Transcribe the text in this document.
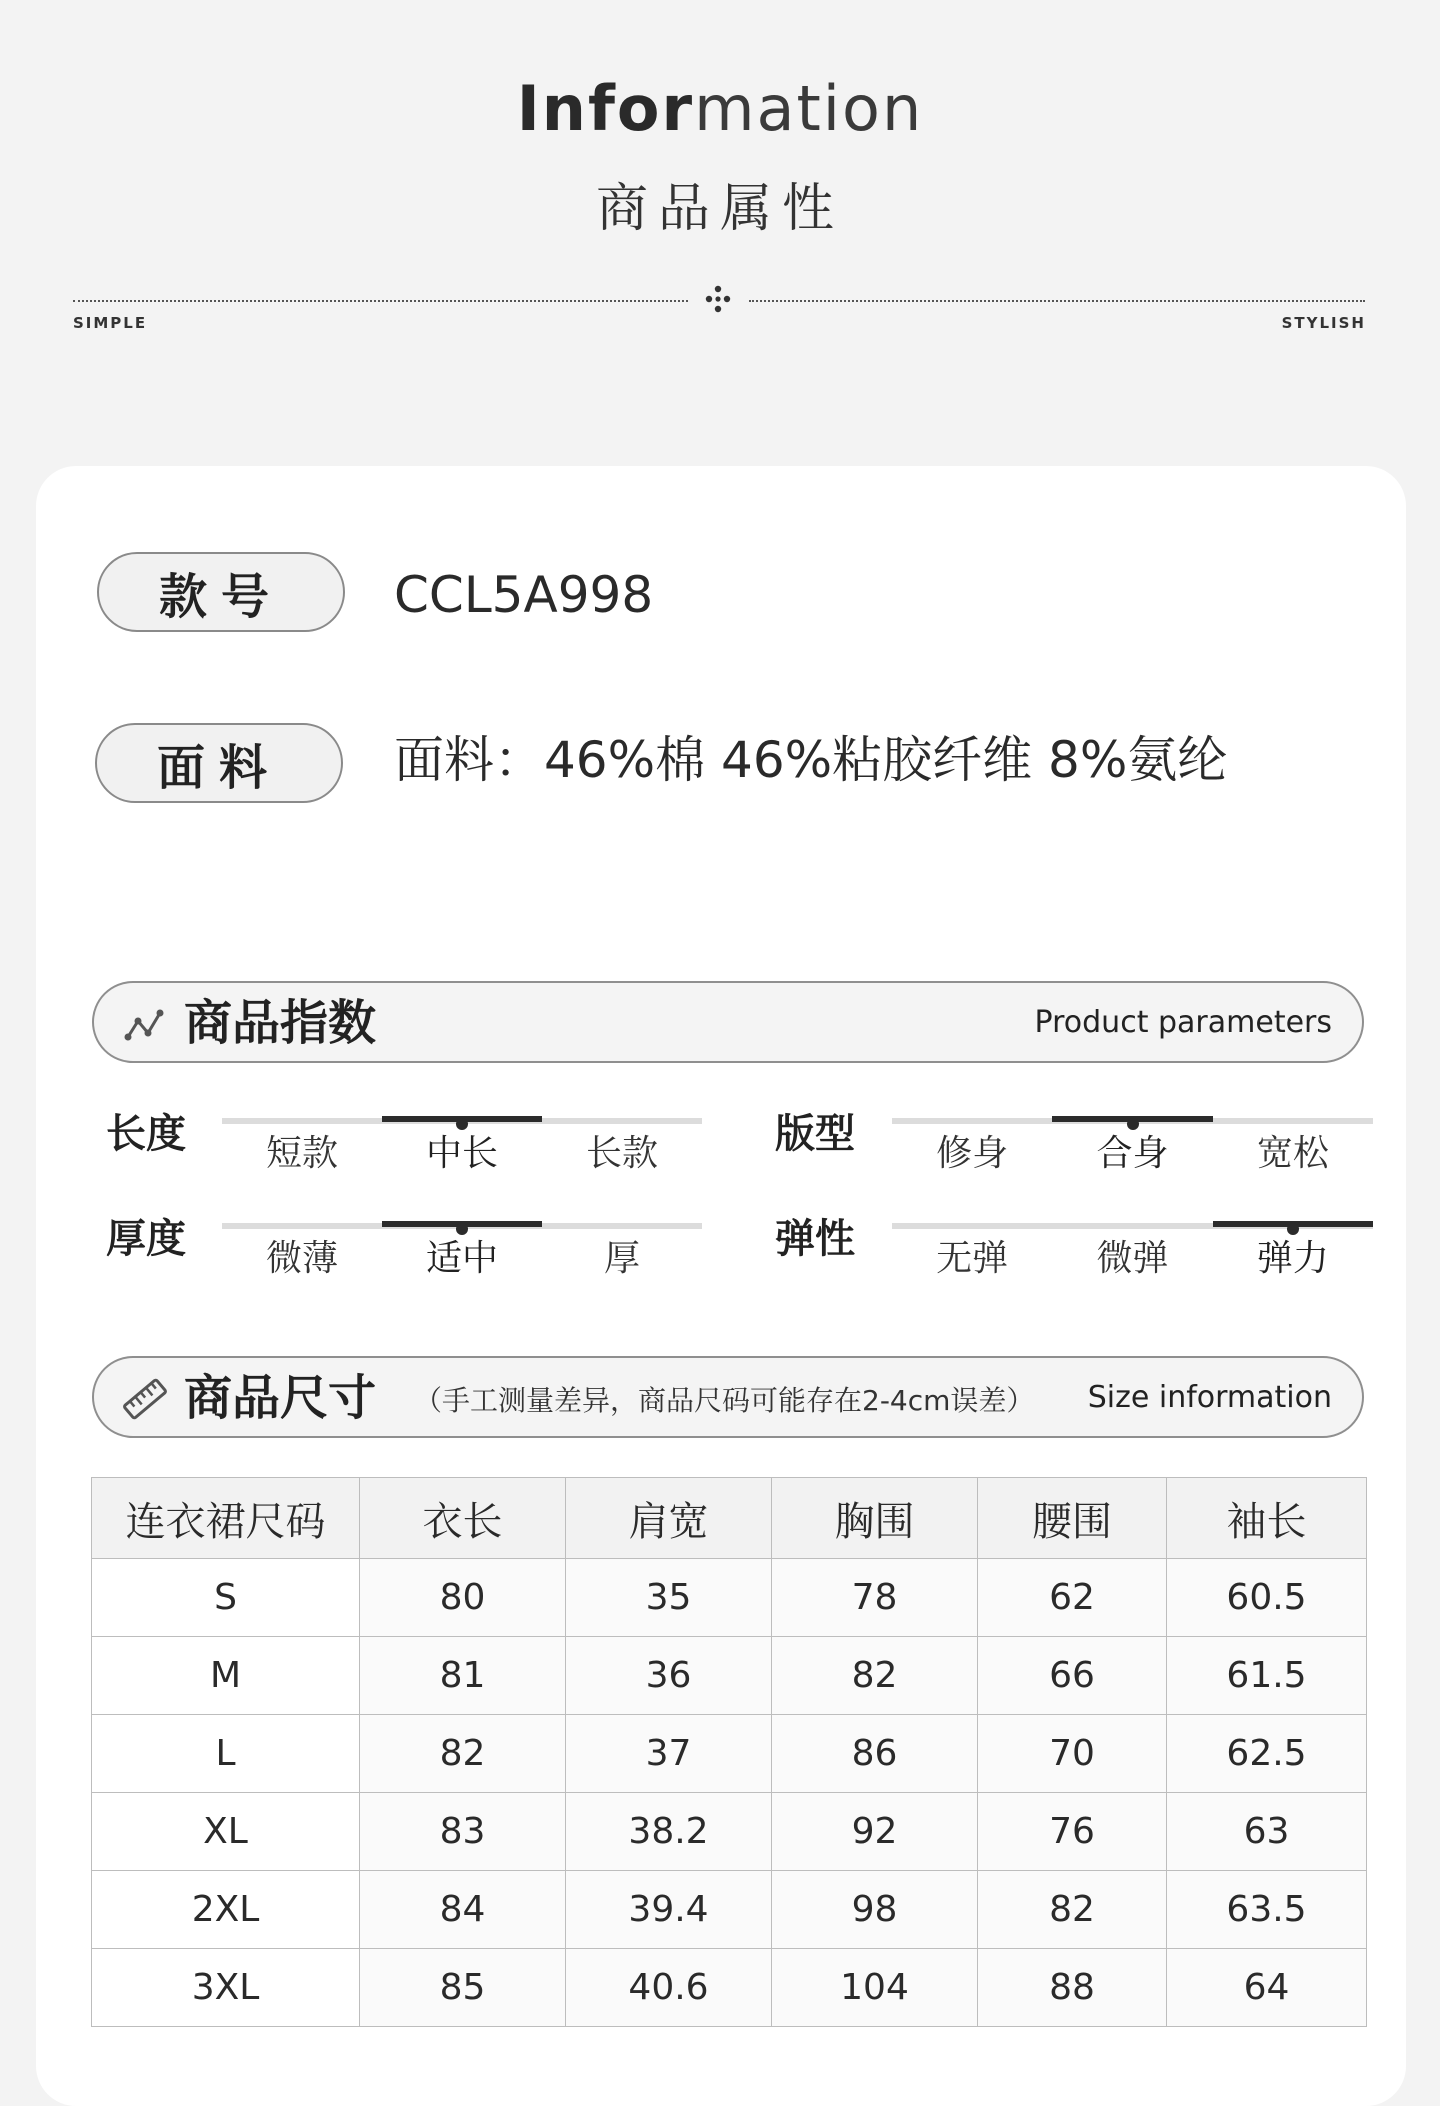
Information
商品属性
SIMPLE	STYLISH
款号	CCL5A998
面料	面料：46%棉 46%粘胶纤维 8%氨纶
商品指数	Product parameters
长度	短款	中长	长款	版型	修身	合身	宽松
厚度	微薄	适中	厚	弹性	无弹	微弹	弹力
商品尺寸 （手工测量差异，商品尺码可能存在2-4cm误差） Size information
连衣裙尺码	衣长	肩宽	胸围	腰围	袖长
S	80	35	78	62	60.5
M	81	36	82	66	61.5
L	82	37	86	70	62.5
XL	83	38.2	92	76	63
2XL	84	39.4	98	82	63.5
3XL	85	40.6	104	88	64
